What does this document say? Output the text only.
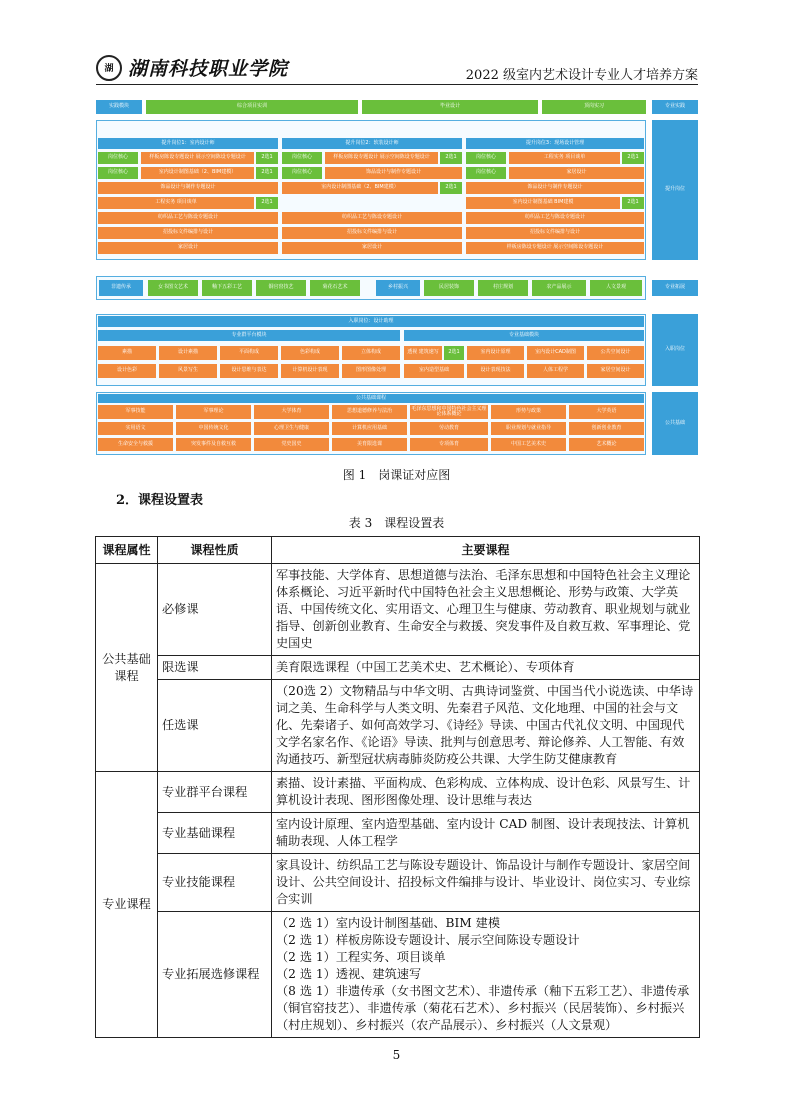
湖 湖南科技职业学院	2022 级室内艺术设计专业人才培养方案
实践模块	综合项目实训	毕业设计	顶岗实习	专业实践
提升岗位
提升岗位1：室内设计师
岗位核心	样板房陈设专题设计 展示空间陈设专题设计	2选1
岗位核心	室内设计制图基础（2、BIM建模）	2选1
饰品设计与制作专题设计
工程实务 项目谈单	2选1
纺织品工艺与陈设专题设计
招投标文件编排与设计
家居设计
提升岗位2：软装设计师
岗位核心	样板房陈设专题设计 展示空间陈设专题设计	2选1
岗位核心	饰品设计与制作专题设计
室内设计制图基础（2、BIM建模）	2选1
纺织品工艺与陈设专题设计
招投标文件编排与设计
家居设计
提升岗位3：现场设计管理
岗位核心	工程实务 项目谈单	2选1
岗位核心	家居设计
饰品设计与制作专题设计
室内设计制图基础 BIM建模	2选1
纺织品工艺与陈设专题设计
招投标文件编排与设计
样板房陈设专题设计 展示空间陈设专题设计
非遗传承	女书图文艺术	釉下五彩工艺	铜官窑技艺	菊花石艺术	乡村振兴	民居装饰	村庄规划	农产品展示	人文景观	专业拓展
入职岗位：设计助理
专业群平台模块	专业基础模块
入职岗位
素描	设计素描	平面构成	色彩构成	立体构成
设计色彩	风景写生	设计思维与表达	计算机设计表现	图形图像处理
透视 建筑速写	2选1	室内设计原理	室内设计CAD制图	公共空间设计
室内造型基础	设计表现技法	人体工程学	家居空间设计
公共基础课程
公共基础
军事技能	军事理论	大学体育	思想道德修养与法治	毛泽东思想和中国特色社会主义理论体系概论	形势与政策	大学英语
实用语文	中国传统文化	心理卫生与健康	计算机应用基础	劳动教育	职业规划与就业指导	创新创业教育
生命安全与救援	突发事件及自救互救	党史国史	美育限选课	专项体育	中国工艺美术史	艺术概论
图 1　岗课证对应图
2．课程设置表
表 3　课程设置表
课程属性	课程性质	主要课程
公共基础课程	必修课	军事技能、大学体育、思想道德与法治、毛泽东思想和中国特色社会主义理论体系概论、习近平新时代中国特色社会主义思想概论、形势与政策、大学英语、中国传统文化、实用语文、心理卫生与健康、劳动教育、职业规划与就业指导、创新创业教育、生命安全与救援、突发事件及自救互救、军事理论、党史国史
	限选课	美育限选课程（中国工艺美术史、艺术概论）、专项体育
	任选课	（20选 2）文物精品与中华文明、古典诗词鉴赏、中国当代小说选读、中华诗词之美、生命科学与人类文明、先秦君子风范、文化地理、中国的社会与文化、先秦诸子、如何高效学习、《诗经》导读、中国古代礼仪文明、中国现代文学名家名作、《论语》导读、批判与创意思考、辩论修养、人工智能、有效沟通技巧、新型冠状病毒肺炎防疫公共课、大学生防艾健康教育
专业课程	专业群平台课程	素描、设计素描、平面构成、色彩构成、立体构成、设计色彩、风景写生、计算机设计表现、图形图像处理、设计思维与表达
	专业基础课程	室内设计原理、室内造型基础、室内设计 CAD 制图、设计表现技法、计算机辅助表现、人体工程学
	专业技能课程	家具设计、纺织品工艺与陈设专题设计、饰品设计与制作专题设计、家居空间设计、公共空间设计、招投标文件编排与设计、毕业设计、岗位实习、专业综合实训
	专业拓展选修课程	（2 选 1）室内设计制图基础、BIM 建模
（2 选 1）样板房陈设专题设计、展示空间陈设专题设计
（2 选 1）工程实务、项目谈单
（2 选 1）透视、建筑速写
（8 选 1）非遗传承（女书图文艺术）、非遗传承（釉下五彩工艺）、非遗传承（铜官窑技艺）、非遗传承（菊花石艺术）、乡村振兴（民居装饰）、乡村振兴（村庄规划）、乡村振兴（农产品展示）、乡村振兴（人文景观）
5
